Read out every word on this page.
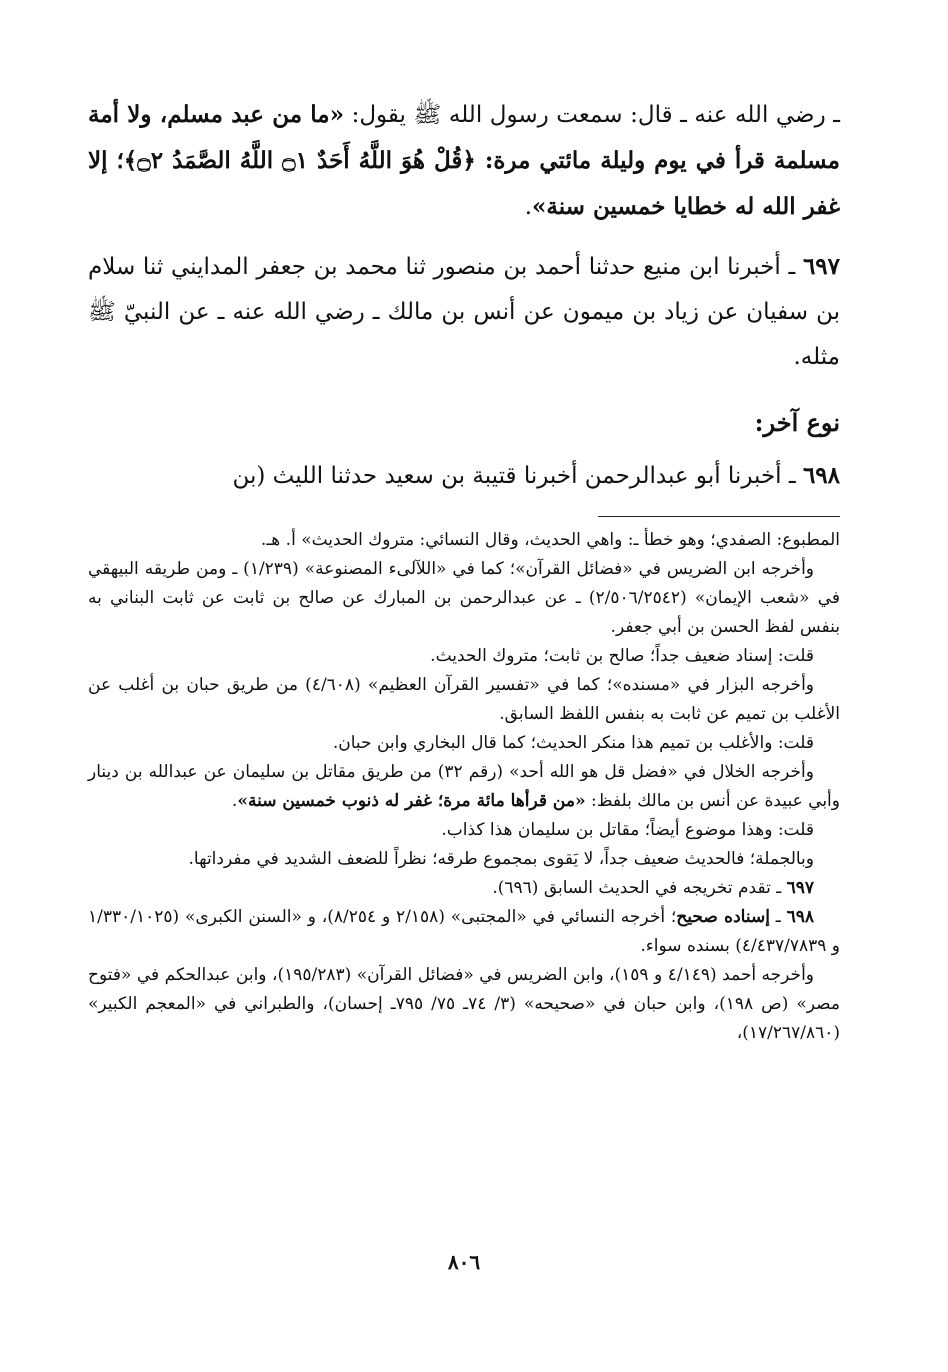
ـ رضي الله عنه ـ قال: سمعت رسول الله ﷺ يقول: «ما من عبد مسلم، ولا أمة مسلمة قرأ في يوم وليلة مائتي مرة: ﴿قُلْ هُوَ اللَّهُ أَحَدٌ ۝١ اللَّهُ الصَّمَدُ ۝٢﴾؛ إلا غفر الله له خطايا خمسين سنة».

٦٩٧ ـ أخبرنا ابن منيع حدثنا أحمد بن منصور ثنا محمد بن جعفر المدايني ثنا سلام بن سفيان عن زياد بن ميمون عن أنس بن مالك ـ رضي الله عنه ـ عن النبيّ ﷺ مثله.

نوع آخر:

٦٩٨ ـ أخبرنا أبو عبدالرحمن أخبرنا قتيبة بن سعيد حدثنا الليث (بن

المطبوع: الصفدي؛ وهو خطأ ـ: واهي الحديث، وقال النسائي: متروك الحديث» أ. هـ.

وأخرجه ابن الضريس في «فضائل القرآن»؛ كما في «اللآلىء المصنوعة» (١/٢٣٩) ـ ومن طريقه البيهقي في «شعب الإيمان» (٢/٥٠٦/٢٥٤٢) ـ عن عبدالرحمن بن المبارك عن صالح بن ثابت عن ثابت البناني به بنفس لفظ الحسن بن أبي جعفر.

قلت: إسناد ضعيف جداً؛ صالح بن ثابت؛ متروك الحديث.

وأخرجه البزار في «مسنده»؛ كما في «تفسير القرآن العظيم» (٤/٦٠٨) من طريق حبان بن أغلب عن الأغلب بن تميم عن ثابت به بنفس اللفظ السابق.

قلت: والأغلب بن تميم هذا منكر الحديث؛ كما قال البخاري وابن حبان.

وأخرجه الخلال في «فضل قل هو الله أحد» (رقم ٣٢) من طريق مقاتل بن سليمان عن عبدالله بن دينار وأبي عبيدة عن أنس بن مالك بلفظ: «من قرأها مائة مرة؛ غفر له ذنوب خمسين سنة».

قلت: وهذا موضوع أيضاً؛ مقاتل بن سليمان هذا كذاب.

وبالجملة؛ فالحديث ضعيف جداً، لا يَقوى بمجموع طرقه؛ نظراً للضعف الشديد في مفرداتها.

٦٩٧ ـ تقدم تخريجه في الحديث السابق (٦٩٦).

٦٩٨ ـ إسناده صحيح؛ أخرجه النسائي في «المجتبى» (٢/١٥٨ و ٨/٢٥٤)، و «السنن الكبرى» (١/٣٣٠/١٠٢٥ و ٤/٤٣٧/٧٨٣٩) بسنده سواء.

وأخرجه أحمد (٤/١٤٩ و ١٥٩)، وابن الضريس في «فضائل القرآن» (١٩٥/٢٨٣)، وابن عبدالحكم في «فتوح مصر» (ص ١٩٨)، وابن حبان في «صحيحه» (٣/ ٧٤ـ ٧٥/ ٧٩٥ـ إحسان)، والطبراني في «المعجم الكبير» (١٧/٢٦٧/٨٦٠)،

٨٠٦
